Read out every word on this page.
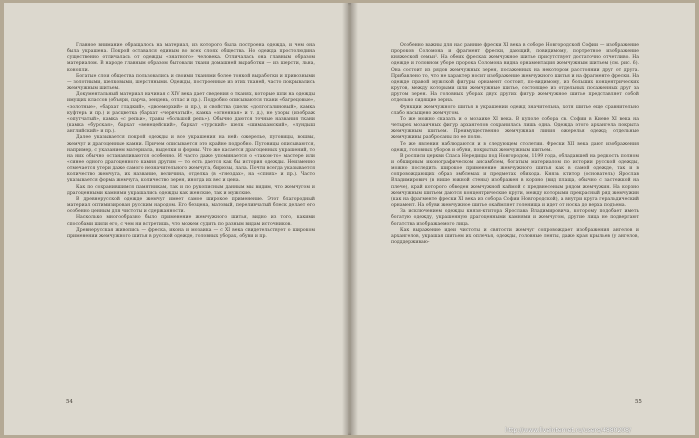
Главное внимание обращалось на материал, из которого была построена одежда, и чем она была украшена. Покрой оставался единым во всех слоях общества. Но одежда простолюдина существенно отличалась от одежды «знатного» человека. Отличалась она главным образом материалом. В народе главным образом бытовали ткани домашней выработки — из шерсти, льна, конопли.

Богатые слои общества пользовались и своими тканями более тонкой выработки и привозными — золотными, шелковыми, шерстяными. Одежды, построенные из этих тканей, часто покрывались жемчужным шитьем.

Документальный материал начиная с XIV века дает сведения о тканях, которые шли на одежды имущих классов (объяри, парча, зендень, отлас и пр.). Подробно описываются ткани «багрецовые», «золотные», «бархат гладкий», «двоеморхий» и пр.), и свойства (шелк «долгогалиновый», камка куфтерь и пр.) и расцветка (бархат «червчатый», камка «огненная» и т. д.), не узоры (изображ «опутчатый», камка «с репьи», травы «большой репь»). Обычно даются точные названия ткани (камка «бурская», бархат «венецейский», бархат «турский» шелк «шимахамский», «лундыш английский» и пр.).

Далее указывается покрой одежды и все украшения на ней: ожерелье, пуговицы, вошвы, жемчуг и драгоценные камни. Причем описывается это крайне подробно. Пуговицы описываются, например, с указанием материала, выделки и формы. Что же касается драгоценных украшений, то на них обычно останавливаются особенно. И часто даже упоминается о «таком-то» мастере или «синее одного драгоценного камня другим — то есть дается как бы история одежды. Неизменно отмечается утери даже самого незначительного жемчуга, бирюзы, лала. Почти всегда указывается количество жемчуга, их название, величина, отделка (в «гнездах», на «спнях» и пр.). Часто указывается форма жемчуга, количество зерен, иногда их вес и цена.

Как по сохранившимся памятникам, так и по рукописным данным мы видим, что жемчугом и драгоценными камнями украшались одежды как женские, так и мужские.

В древнерусской одежде жемчуг имеет самое широкое применение. Этот благородный материал оптимизирован русским народом. Его безцена, матовый, переливчатый блеск делает его особенно ценным для чистоты и сдержанности.

Насколько многообразно было применение жемчужного шитья, видно из того, какими способами шили его, с чем ни встретишь, что можем судить по разным видам источников.

Древнерусская живопись — фреска, икона и мозаика — с XI века свидетельствует о широком применении жемчужного шитья в русской одежде, головных уборах, обуви и пр.

54

Особенно важны для нас ранние фрески XI века в соборе Новгородской Софии — изображение пророков Соломона и фрагмент фрески, дающий, повидимому, портретное изображение княжеской семьи¹. На обеих фресках жемчужное шитье присутствует достаточно отчетливо. На одежде и головном уборе пророка Соломона видна орнаментация жемчужным шитьем (см. рис. 6). Она состоит из рядов жемчужных зерен, посаженных на некотором расстоянии друг от друга. Прибавлено то, что не характер носит изображение жемчужного шитья и на фрагменте фрески. На одежде правой мужской фигуры орнамент состоит, по-видимому, из больших концентрических кругов, между которыми шли жемчужные шитье, состоящее из отдельных посаженных друг за другом зерен. На головных уборах двух других фигур жемчужное шитье представляет собой отдельно сидящие зерна.

Функции жемчужного шитья в украшении одежд значительна, хотя шитье еще сравнительно слабо насыщено жемчугом.

То же можно сказать и о мозаике XI века. В куполе собора св. Софии в Киеве XI века на четырех мозаичных фигур архангелов сохранилась лишь одна. Одежда этого архангела покрыта жемчужным шитьем. Преимущественно жемчужная линия ожерелья одежд; отдельные жемчужины разбросаны по ее полю.

Те же явления наблюдаются и в следующем столетии. Фрески XII века дают изображения одежд, головных уборов и обуви, покрытых жемчужным шитьем.

В росписи церкви Спаса Нередицы под Новгородом, 1199 года, обладавшей на редкость полном и обширным иконографическом ансамблем, богатым материалом по истории русской одежды, можно последить широкое применение жемчужного шитья как в самой одежде, так и в сопровождающих образ эмблемах и предметах обихода. Князь ктитор (основатель) Ярослав Владимирович (в нише южной стены) изображен в корзно (вид плаща, обычно с застежкой на плече), край которого обведен жемчужной каймой с предвнесеным рядом жемчужин. На корзно жемчужным шитьем даются концентрические круги, между которыми прекрасный ряд жемчужин (как на фрагменте фрески XI века из собора Софии Новгородской), а внутри круга геральдический орнамент. На обуви жемчужное шитье окаймляет голенища и идет от носка до верха подъема.

За исключением одежды князя-ктитора Ярослава Владимировича, которому подобает иметь богатую одежду, украшенную драгоценными камнями и жемчугом, другие лица не подвергают богатства изображаемого лица.

Как выражение идеи чистоты и святости жемчуг сопровождает изображения ангелов и архангелов, украшая шитьем их оплечья, одежды, головные ленты, даже края крыльев (у ангелов, подддерживаю-

55
http://www.liveinternet.ru/users/4880208/
